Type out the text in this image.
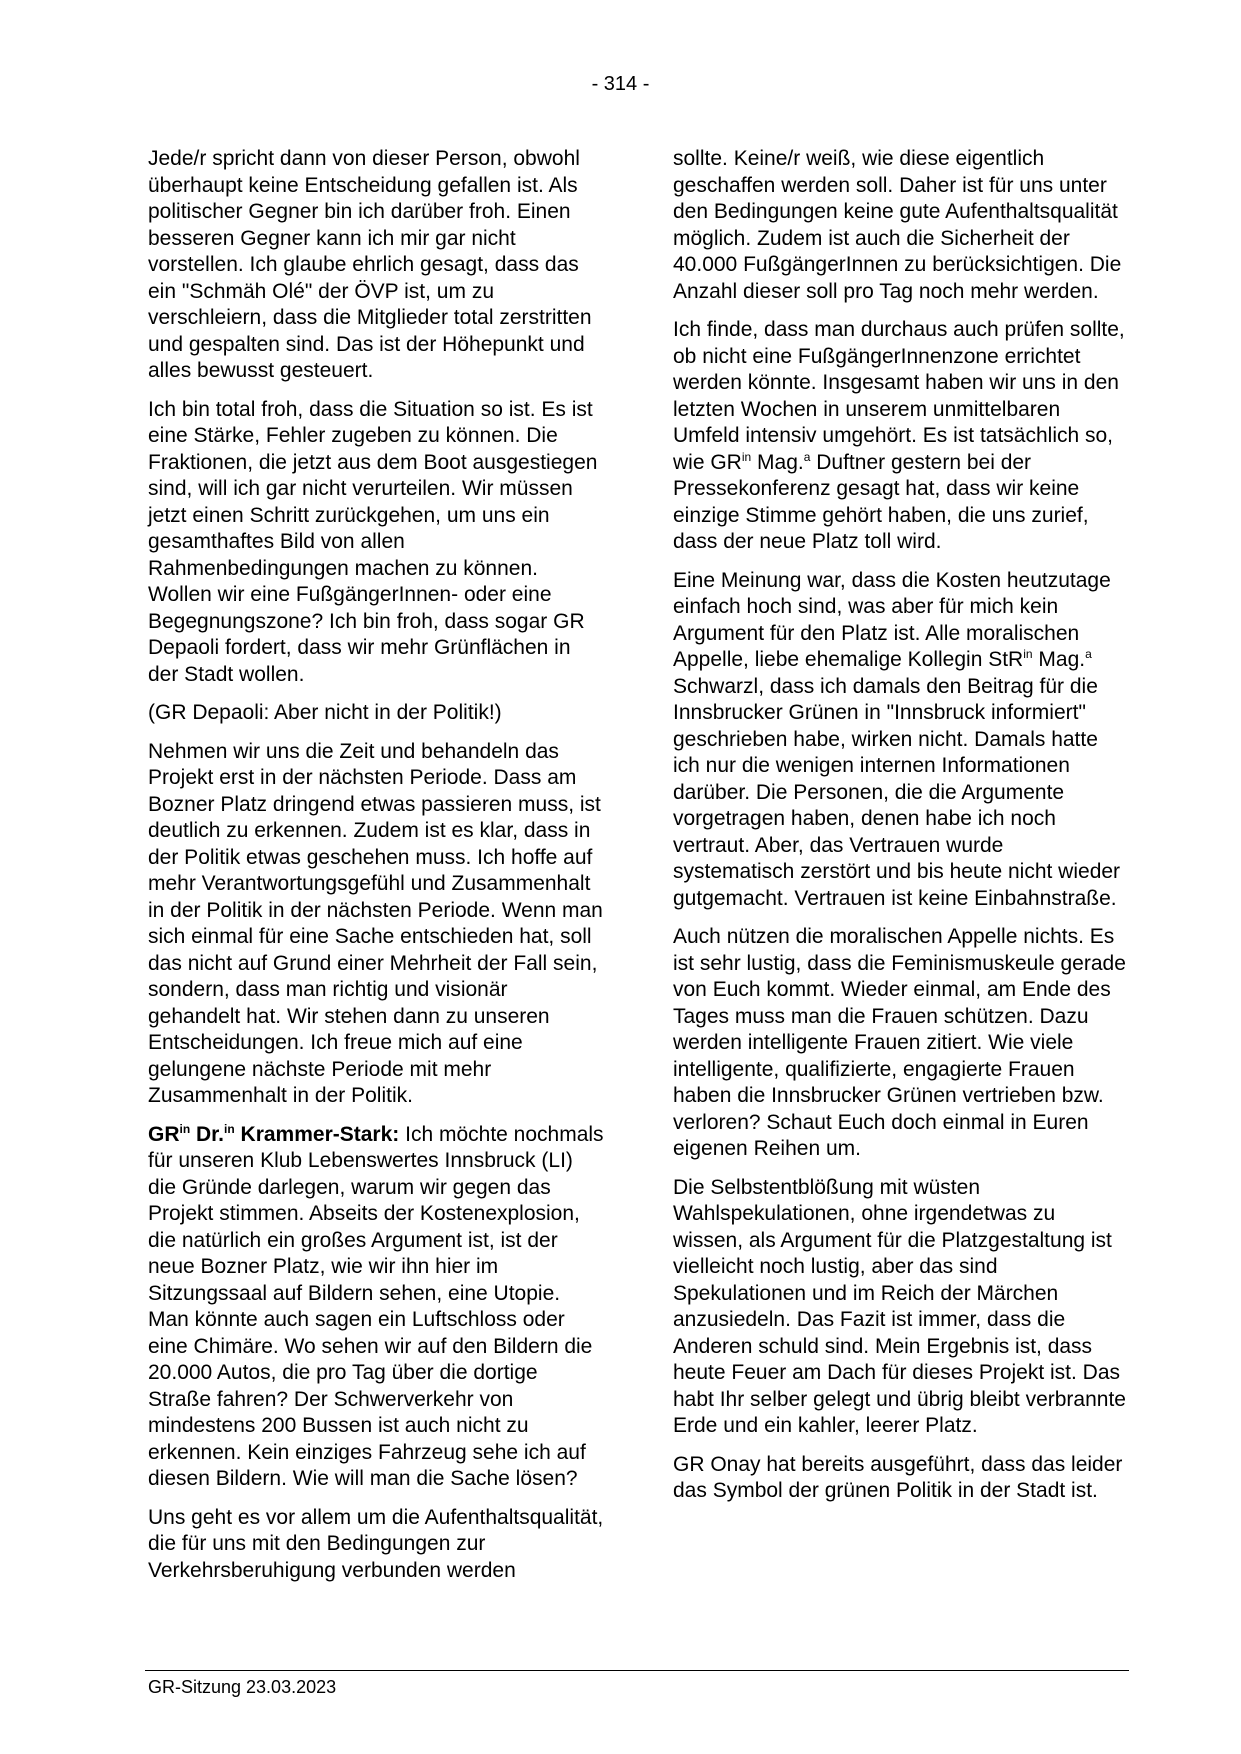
- 314 -

Jede/r spricht dann von dieser Person, obwohl überhaupt keine Entscheidung gefallen ist. Als politischer Gegner bin ich darüber froh. Einen besseren Gegner kann ich mir gar nicht vorstellen. Ich glaube ehrlich gesagt, dass das ein "Schmäh Olé" der ÖVP ist, um zu verschleiern, dass die Mitglieder total zerstritten und gespalten sind. Das ist der Höhepunkt und alles bewusst gesteuert.

Ich bin total froh, dass die Situation so ist. Es ist eine Stärke, Fehler zugeben zu können. Die Fraktionen, die jetzt aus dem Boot ausgestiegen sind, will ich gar nicht verurteilen. Wir müssen jetzt einen Schritt zurückgehen, um uns ein gesamthaftes Bild von allen Rahmenbedingungen machen zu können. Wollen wir eine FußgängerInnen- oder eine Begegnungszone? Ich bin froh, dass sogar GR Depaoli fordert, dass wir mehr Grünflächen in der Stadt wollen.

(GR Depaoli: Aber nicht in der Politik!)

Nehmen wir uns die Zeit und behandeln das Projekt erst in der nächsten Periode. Dass am Bozner Platz dringend etwas passieren muss, ist deutlich zu erkennen. Zudem ist es klar, dass in der Politik etwas geschehen muss. Ich hoffe auf mehr Verantwortungsgefühl und Zusammenhalt in der Politik in der nächsten Periode. Wenn man sich einmal für eine Sache entschieden hat, soll das nicht auf Grund einer Mehrheit der Fall sein, sondern, dass man richtig und visionär gehandelt hat. Wir stehen dann zu unseren Entscheidungen. Ich freue mich auf eine gelungene nächste Periode mit mehr Zusammenhalt in der Politik.

$GR^{in}$ Dr.$^{in}$ Krammer-Stark: Ich möchte nochmals für unseren Klub Lebenswertes Innsbruck (LI) die Gründe darlegen, warum wir gegen das Projekt stimmen. Abseits der Kostenexplosion, die natürlich ein großes Argument ist, ist der neue Bozner Platz, wie wir ihn hier im Sitzungssaal auf Bildern sehen, eine Utopie. Man könnte auch sagen ein Luftschloss oder eine Chimäre. Wo sehen wir auf den Bildern die 20.000 Autos, die pro Tag über die dortige Straße fahren? Der Schwerverkehr von mindestens 200 Bussen ist auch nicht zu erkennen. Kein einziges Fahrzeug sehe ich auf diesen Bildern. Wie will man die Sache lösen?

Uns geht es vor allem um die Aufenthaltsqualität, die für uns mit den Bedingungen zur Verkehrsberuhigung verbunden werden

sollte. Keine/r weiß, wie diese eigentlich geschaffen werden soll. Daher ist für uns unter den Bedingungen keine gute Aufenthaltsqualität möglich. Zudem ist auch die Sicherheit der 40.000 FußgängerInnen zu berücksichtigen. Die Anzahl dieser soll pro Tag noch mehr werden.

Ich finde, dass man durchaus auch prüfen sollte, ob nicht eine FußgängerInnenzone errichtet werden könnte. Insgesamt haben wir uns in den letzten Wochen in unserem unmittelbaren Umfeld intensiv umgehört. Es ist tatsächlich so, wie $GR^{in}$ Mag.$^a$ Duftner gestern bei der Pressekonferenz gesagt hat, dass wir keine einzige Stimme gehört haben, die uns zurief, dass der neue Platz toll wird.

Eine Meinung war, dass die Kosten heutzutage einfach hoch sind, was aber für mich kein Argument für den Platz ist. Alle moralischen Appelle, liebe ehemalige Kollegin StR$^{in}$ Mag.$^a$ Schwarzl, dass ich damals den Beitrag für die Innsbrucker Grünen in "Innsbruck informiert" geschrieben habe, wirken nicht. Damals hatte ich nur die wenigen internen Informationen darüber. Die Personen, die die Argumente vorgetragen haben, denen habe ich noch vertraut. Aber, das Vertrauen wurde systematisch zerstört und bis heute nicht wieder gutgemacht. Vertrauen ist keine Einbahnstraße.

Auch nützen die moralischen Appelle nichts. Es ist sehr lustig, dass die Feminismuskeule gerade von Euch kommt. Wieder einmal, am Ende des Tages muss man die Frauen schützen. Dazu werden intelligente Frauen zitiert. Wie viele intelligente, qualifizierte, engagierte Frauen haben die Innsbrucker Grünen vertrieben bzw. verloren? Schaut Euch doch einmal in Euren eigenen Reihen um.

Die Selbstentblößung mit wüsten Wahlspekulationen, ohne irgendetwas zu wissen, als Argument für die Platzgestaltung ist vielleicht noch lustig, aber das sind Spekulationen und im Reich der Märchen anzusiedeln. Das Fazit ist immer, dass die Anderen schuld sind. Mein Ergebnis ist, dass heute Feuer am Dach für dieses Projekt ist. Das habt Ihr selber gelegt und übrig bleibt verbrannte Erde und ein kahler, leerer Platz.

GR Onay hat bereits ausgeführt, dass das leider das Symbol der grünen Politik in der Stadt ist.

GR-Sitzung 23.03.2023
